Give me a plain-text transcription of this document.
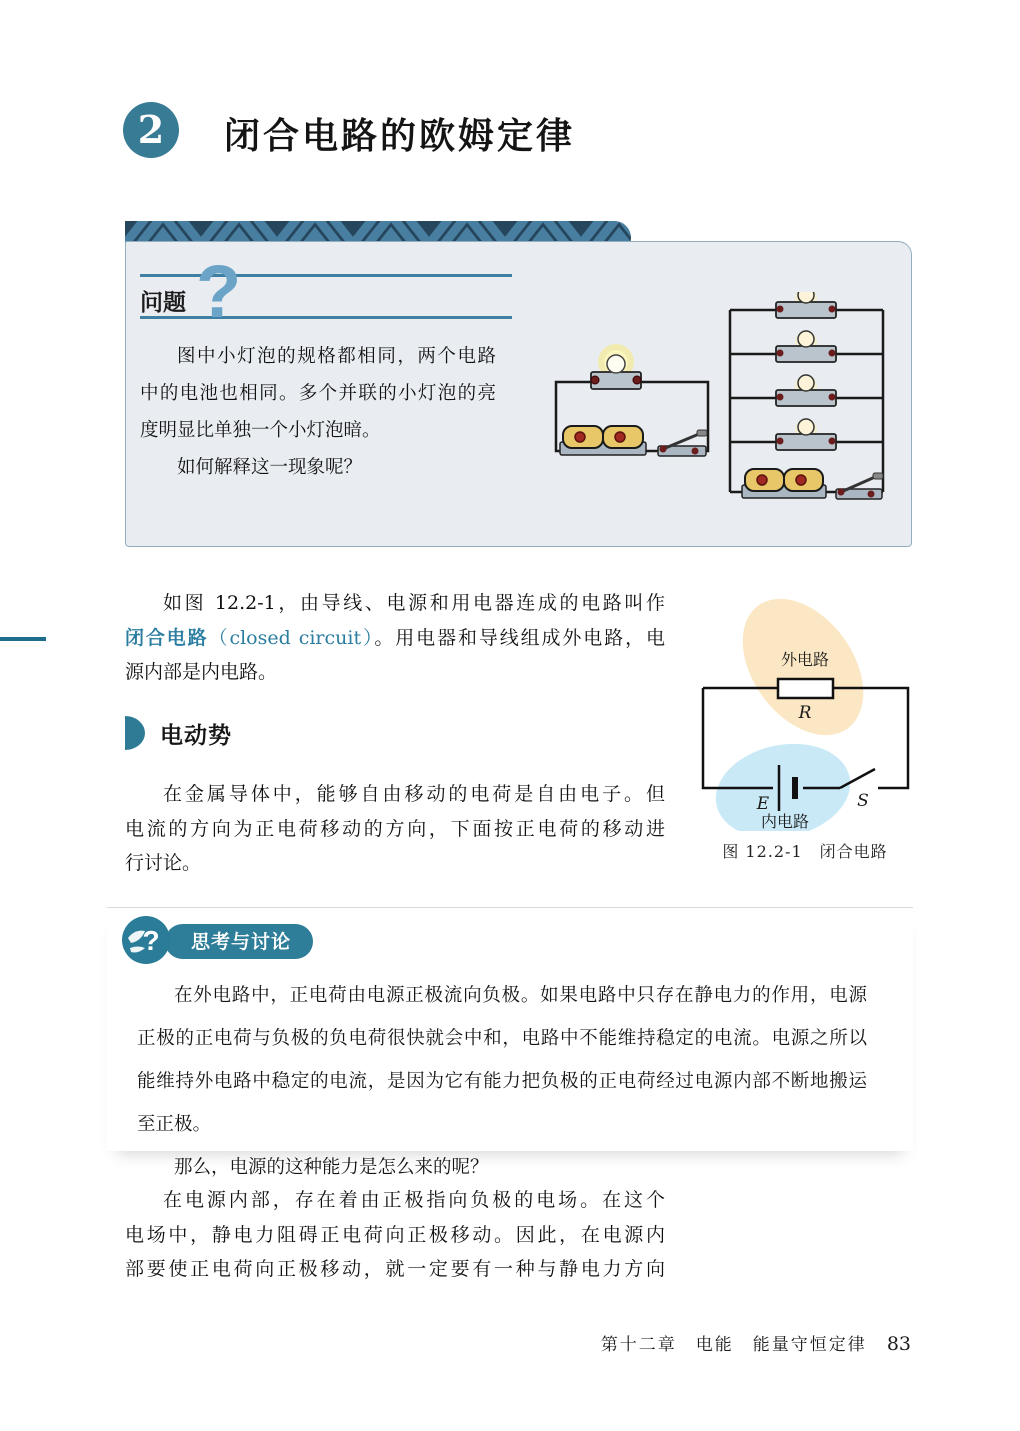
2	闭合电路的欧姆定律
?
问题
图中小灯泡的规格都相同，两个电路
中的电池也相同。多个并联的小灯泡的亮
度明显比单独一个小灯泡暗。
如何解释这一现象呢？
如图 12.2-1，由导线、电源和用电器连成的电路叫作
闭合电路（closed circuit）。用电器和导线组成外电路，电
源内部是内电路。
外电路
R
E	S
内电路
图 12.2-1　闭合电路
电动势
在金属导体中，能够自由移动的电荷是自由电子。但
电流的方向为正电荷移动的方向，下面按正电荷的移动进
行讨论。
思考与讨论
?
在外电路中，正电荷由电源正极流向负极。如果电路中只存在静电力的作用，电源
正极的正电荷与负极的负电荷很快就会中和，电路中不能维持稳定的电流。电源之所以
能维持外电路中稳定的电流，是因为它有能力把负极的正电荷经过电源内部不断地搬运
至正极。
那么，电源的这种能力是怎么来的呢？
在电源内部，存在着由正极指向负极的电场。在这个
电场中，静电力阻碍正电荷向正极移动。因此，在电源内
部要使正电荷向正极移动，就一定要有一种与静电力方向
第十二章　电能　能量守恒定律 83
